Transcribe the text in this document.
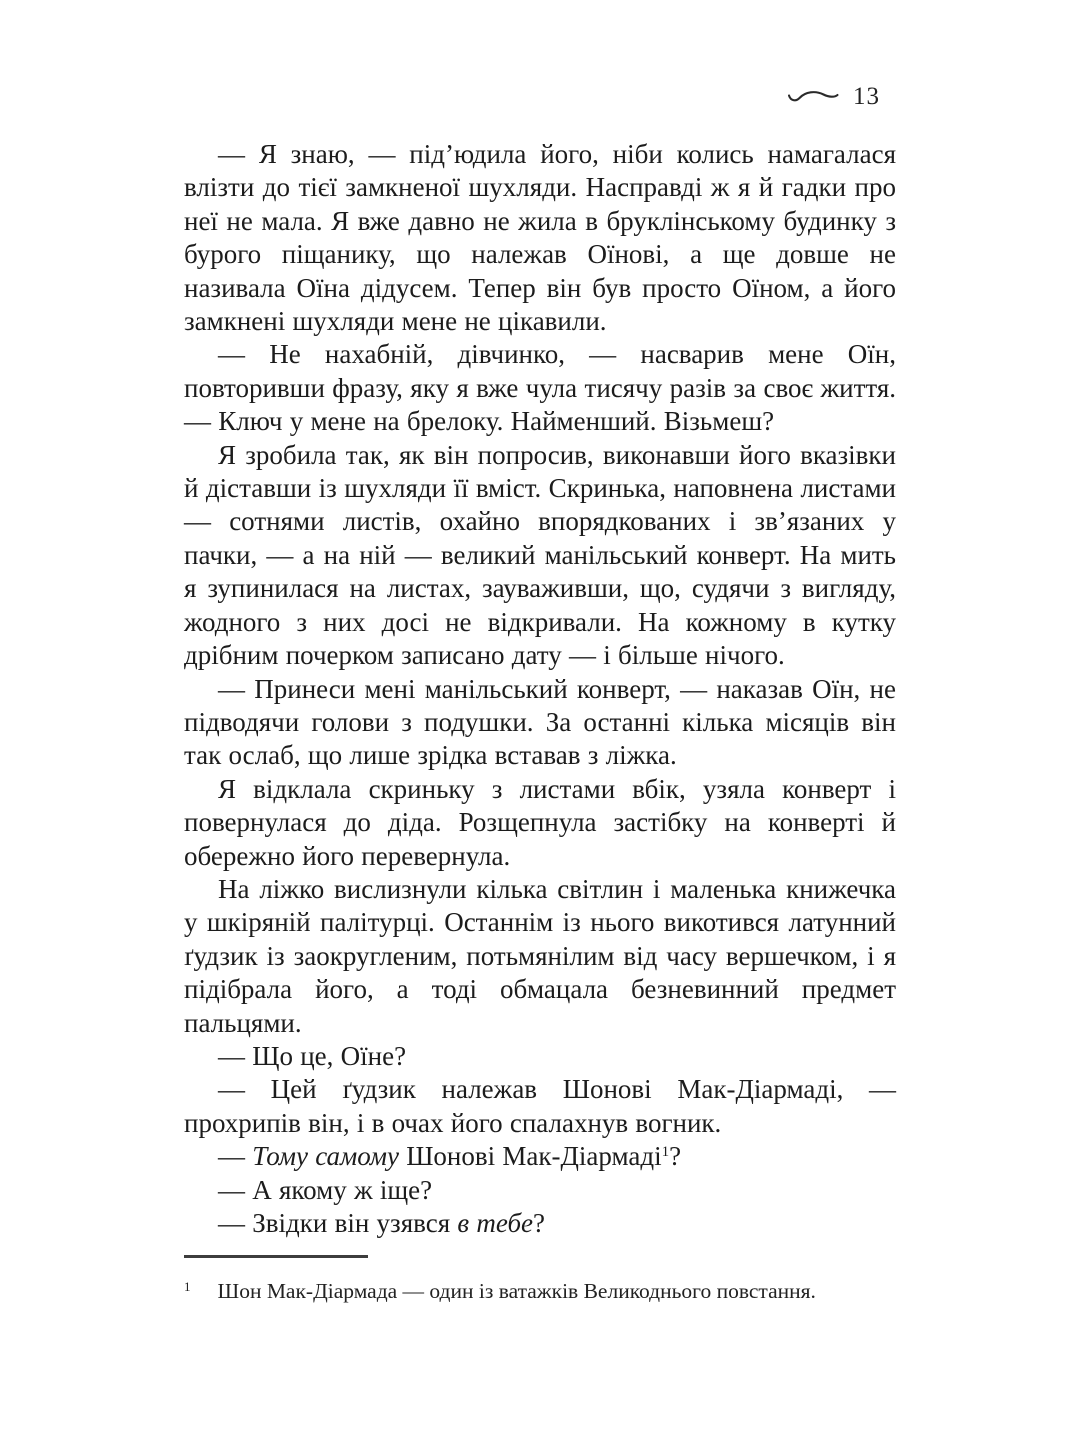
13

— Я знаю, — під’юдила його, ніби колись намагалася влізти до тієї замкненої шухляди. Насправді ж я й гадки про неї не мала. Я вже давно не жила в бруклінському будинку з бурого піщанику, що належав Оїнові, а ще довше не називала Оїна дідусем. Тепер він був просто Оїном, а його замкнені шухляди мене не цікавили.

— Не нахабній, дівчинко, — насварив мене Оїн, повторивши фразу, яку я вже чула тисячу разів за своє життя. — Ключ у мене на брелоку. Найменший. Візьмеш?

Я зробила так, як він попросив, виконавши його вказівки й діставши із шухляди її вміст. Скринька, наповнена листами — сотнями листів, охайно впорядкованих і зв’язаних у пачки, — а на ній — великий манільський конверт. На мить я зупинилася на листах, зауваживши, що, судячи з вигляду, жодного з них досі не відкривали. На кожному в кутку дрібним почерком записано дату — і більше нічого.

— Принеси мені манільський конверт, — наказав Оїн, не підводячи голови з подушки. За останні кілька місяців він так ослаб, що лише зрідка вставав з ліжка.

Я відклала скриньку з листами вбік, узяла конверт і повернулася до діда. Розщепнула застібку на конверті й обережно його перевернула.

На ліжко вислизнули кілька світлин і маленька книжечка у шкіряній палітурці. Останнім із нього викотився латунний ґудзик із заокругленим, потьмянілим від часу вершечком, і я підібрала його, а тоді обмацала безневинний предмет пальцями.

— Що це, Оїне?

— Цей ґудзик належав Шонові Мак-Діармаді, — прохрипів він, і в очах його спалахнув вогник.

— Тому самому Шонові Мак-Діармаді$^1$?

— А якому ж іще?

— Звідки він узявся в тебе?

1 Шон Мак-Діармада — один із ватажків Великоднього повстання.
